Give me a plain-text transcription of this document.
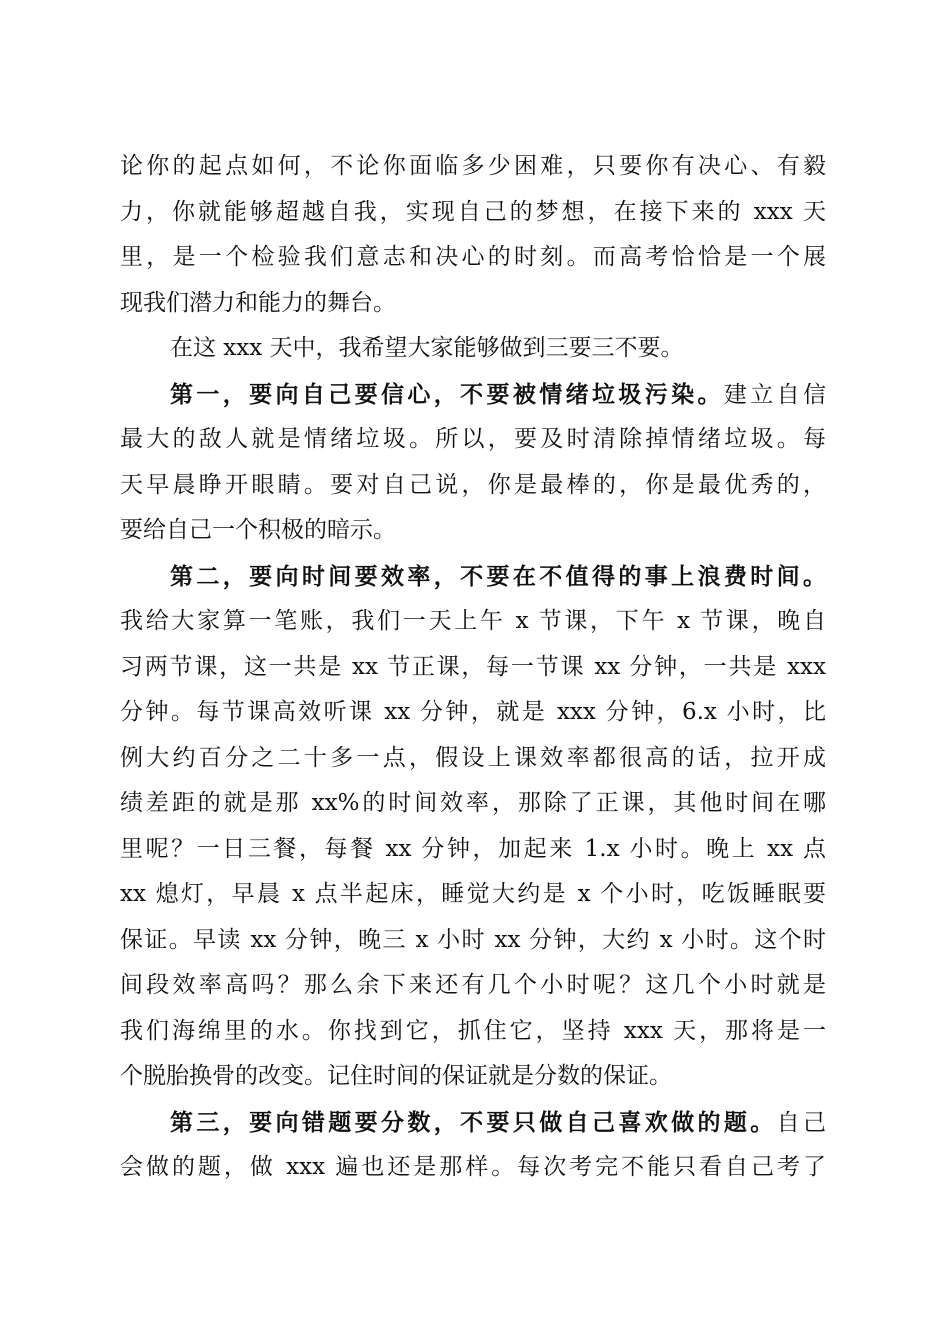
论你的起点如何，不论你面临多少困难，只要你有决心、有毅
力，你就能够超越自我，实现自己的梦想，在接下来的 xxx 天
里，是一个检验我们意志和决心的时刻。而高考恰恰是一个展
现我们潜力和能力的舞台。
在这 xxx 天中，我希望大家能够做到三要三不要。
第一，要向自己要信心，不要被情绪垃圾污染。建立自信
最大的敌人就是情绪垃圾。所以，要及时清除掉情绪垃圾。每
天早晨睁开眼睛。要对自己说，你是最棒的，你是最优秀的，
要给自己一个积极的暗示。
第二，要向时间要效率，不要在不值得的事上浪费时间。
我给大家算一笔账，我们一天上午 x 节课，下午 x 节课，晚自
习两节课，这一共是 xx 节正课，每一节课 xx 分钟，一共是 xxx
分钟。每节课高效听课 xx 分钟，就是 xxx 分钟，6.x 小时，比
例大约百分之二十多一点，假设上课效率都很高的话，拉开成
绩差距的就是那 xx%的时间效率，那除了正课，其他时间在哪
里呢？一日三餐，每餐 xx 分钟，加起来 1.x 小时。晚上 xx 点
xx 熄灯，早晨 x 点半起床，睡觉大约是 x 个小时，吃饭睡眠要
保证。早读 xx 分钟，晚三 x 小时 xx 分钟，大约 x 小时。这个时
间段效率高吗？那么余下来还有几个小时呢？这几个小时就是
我们海绵里的水。你找到它，抓住它，坚持 xxx 天，那将是一
个脱胎换骨的改变。记住时间的保证就是分数的保证。
第三，要向错题要分数，不要只做自己喜欢做的题。自己
会做的题，做 xxx 遍也还是那样。每次考完不能只看自己考了
